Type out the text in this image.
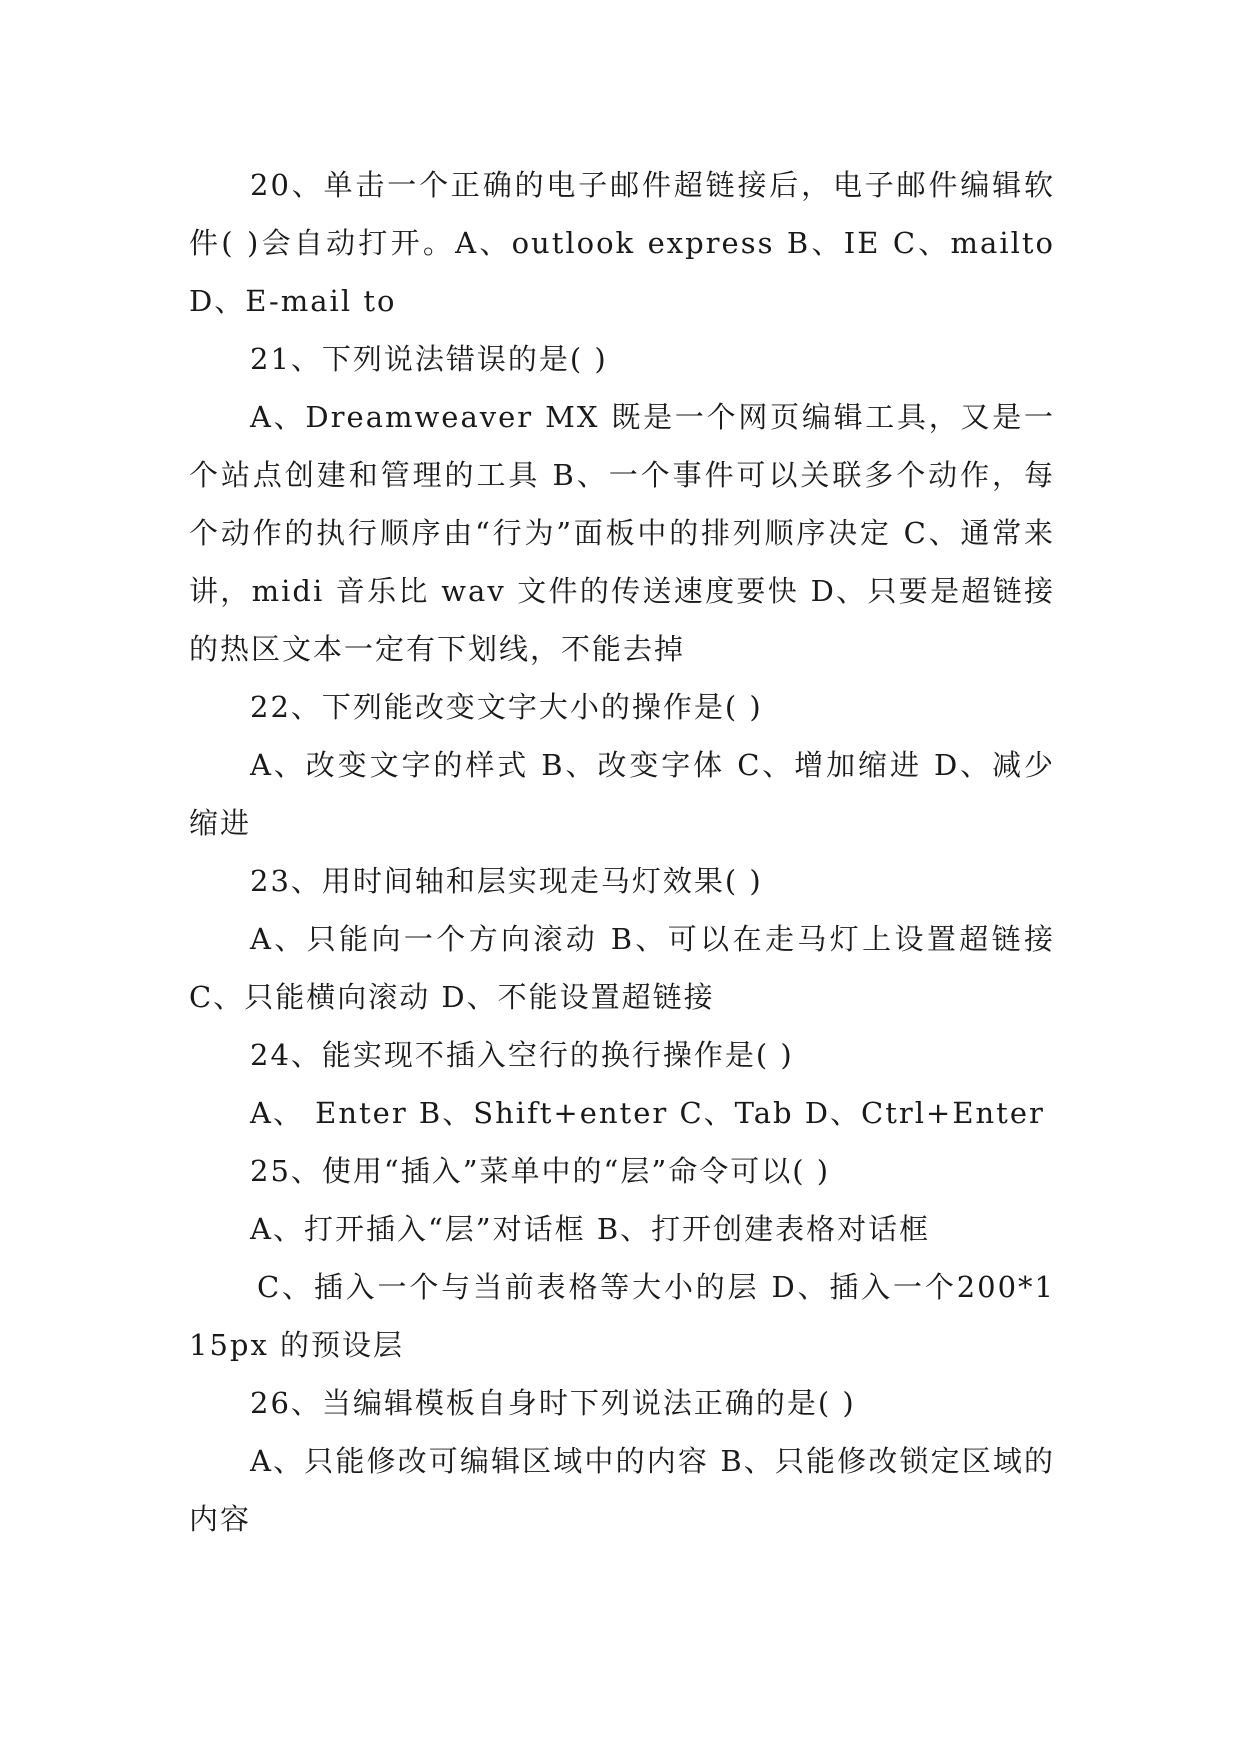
20、单击一个正确的电子邮件超链接后，电子邮件编辑软件( )会自动打开。A、outlook express B、IE C、mailto D、E-mail to

21、下列说法错误的是( )

A、Dreamweaver MX 既是一个网页编辑工具，又是一个站点创建和管理的工具 B、一个事件可以关联多个动作，每个动作的执行顺序由“行为”面板中的排列顺序决定 C、通常来讲，midi 音乐比 wav 文件的传送速度要快 D、只要是超链接的热区文本一定有下划线，不能去掉

22、下列能改变文字大小的操作是( )

A、改变文字的样式 B、改变字体 C、增加缩进 D、减少缩进

23、用时间轴和层实现走马灯效果( )

A、只能向一个方向滚动 B、可以在走马灯上设置超链接 C、只能横向滚动 D、不能设置超链接

24、能实现不插入空行的换行操作是( )

A、 Enter B、Shift+enter C、Tab D、Ctrl+Enter

25、使用“插入”菜单中的“层”命令可以( )

A、打开插入“层”对话框 B、打开创建表格对话框

C、插入一个与当前表格等大小的层 D、插入一个200*115px 的预设层

26、当编辑模板自身时下列说法正确的是( )

A、只能修改可编辑区域中的内容 B、只能修改锁定区域的内容
